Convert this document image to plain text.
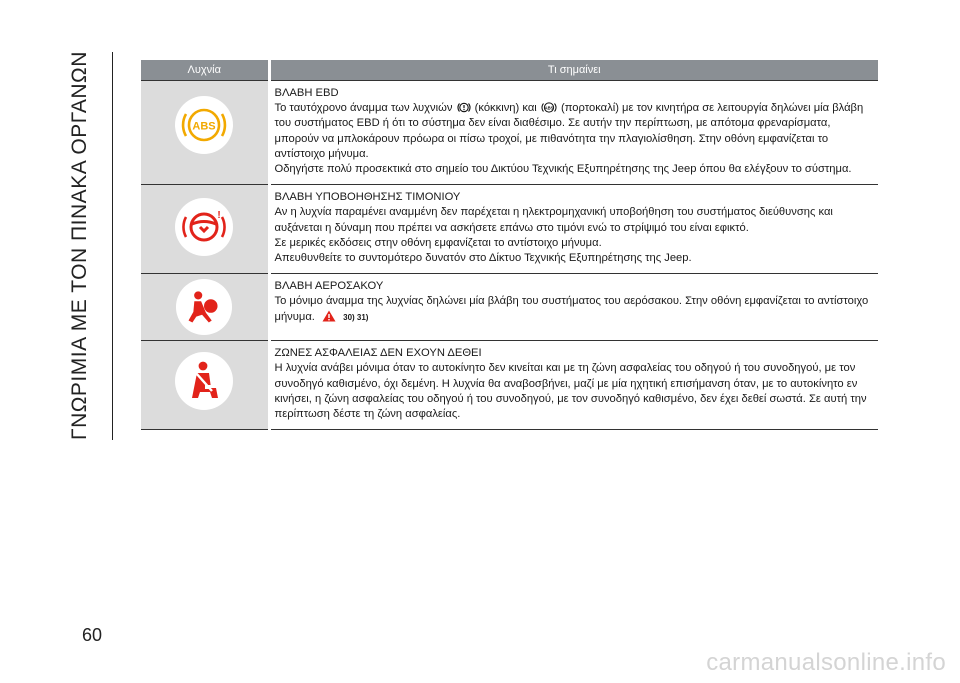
ΓΝΩΡΙΜΙΑ ΜΕ ΤΟΝ ΠΙΝΑΚΑ ΟΡΓΑΝΩΝ	Λυχνία	Τι σημαίνει

ABS	ΒΛΑΒΗ EBD
Το ταυτόχρονο άναμμα των λυχνιών (κόκκινη) και ABS (πορτοκαλί) με τον κινητήρα σε λειτουργία δηλώνει μία βλάβη του συστήματος EBD ή ότι το σύστημα δεν είναι διαθέσιμο. Σε αυτήν την περίπτωση, με απότομα φρεναρίσματα, μπορούν να μπλοκάρουν πρόωρα οι πίσω τροχοί, με πιθανότητα την πλαγιολίσθηση. Στην οθόνη εμφανίζεται το αντίστοιχο μήνυμα.
Οδηγήστε πολύ προσεκτικά στο σημείο του Δικτύου Τεχνικής Εξυπηρέτησης της Jeep όπου θα ελέγξουν το σύστημα.

!	ΒΛΑΒΗ ΥΠΟΒΟΗΘΗΣΗΣ ΤΙΜΟΝΙΟΥ
Αν η λυχνία παραμένει αναμμένη δεν παρέχεται η ηλεκτρομηχανική υποβοήθηση του συστήματος διεύθυνσης και αυξάνεται η δύναμη που πρέπει να ασκήσετε επάνω στο τιμόνι ενώ το στρίψιμό του είναι εφικτό.
Σε μερικές εκδόσεις στην οθόνη εμφανίζεται το αντίστοιχο μήνυμα.
Απευθυνθείτε το συντομότερο δυνατόν στο Δίκτυο Τεχνικής Εξυπηρέτησης της Jeep.

ΒΛΑΒΗ ΑΕΡΟΣΑΚΟΥ
Το μόνιμο άναμμα της λυχνίας δηλώνει μία βλάβη του συστήματος του αερόσακου. Στην οθόνη εμφανίζεται το αντίστοιχο μήνυμα. 30) 31)

ΖΩΝΕΣ ΑΣΦΑΛΕΙΑΣ ΔΕΝ ΕΧΟΥΝ ΔΕΘΕΙ
Η λυχνία ανάβει μόνιμα όταν το αυτοκίνητο δεν κινείται και με τη ζώνη ασφαλείας του οδηγού ή του συνοδηγού, με τον συνοδηγό καθισμένο, όχι δεμένη. Η λυχνία θα αναβοσβήνει, μαζί με μία ηχητική επισήμανση όταν, με το αυτοκίνητο εν κινήσει, η ζώνη ασφαλείας του οδηγού ή του συνοδηγού, με τον συνοδηγό καθισμένο, δεν έχει δεθεί σωστά. Σε αυτή την περίπτωση δέστε τη ζώνη ασφαλείας.
60
carmanualsonline.info
